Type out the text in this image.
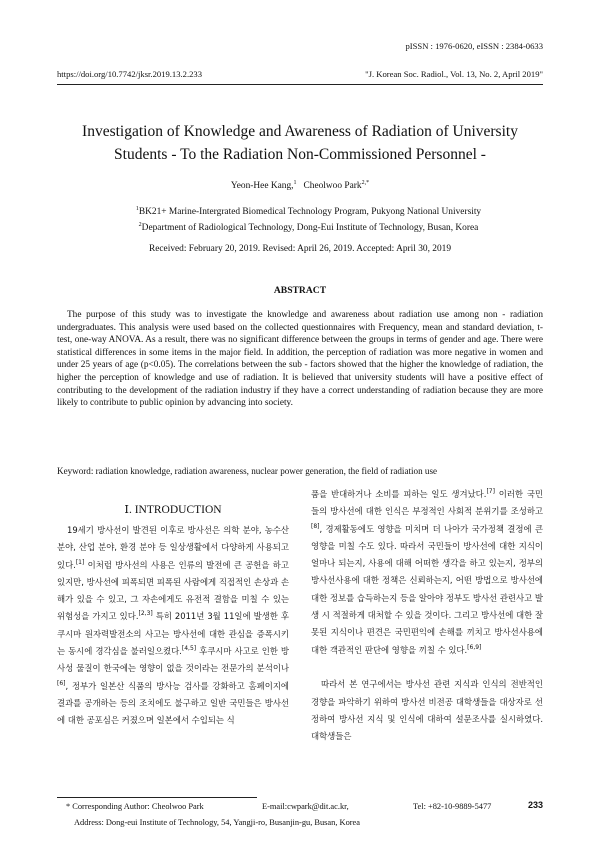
pISSN : 1976-0620, eISSN : 2384-0633
https://doi.org/10.7742/jksr.2019.13.2.233	"J. Korean Soc. Radiol., Vol. 13, No. 2, April 2019"
Investigation of Knowledge and Awareness of Radiation of University
Students - To the Radiation Non-Commissioned Personnel -
Yeon-Hee Kang,$^1$ Cheolwoo Park$^{2,*}$
$^1$BK21+ Marine-Intergrated Biomedical Technology Program, Pukyong National University
$^2$Department of Radiological Technology, Dong-Eui Institute of Technology, Busan, Korea
Received: February 20, 2019. Revised: April 26, 2019. Accepted: April 30, 2019
ABSTRACT

The purpose of this study was to investigate the knowledge and awareness about radiation use among non - radiation undergraduates. This analysis were used based on the collected questionnaires with Frequency, mean and standard deviation, t-test, one-way ANOVA. As a result, there was no significant difference between the groups in terms of gender and age. There were statistical differences in some items in the major field. In addition, the perception of radiation was more negative in women and under 25 years of age (p<0.05). The correlations between the sub - factors showed that the higher the knowledge of radiation, the higher the perception of knowledge and use of radiation. It is believed that university students will have a positive effect of contributing to the development of the radiation industry if they have a correct understanding of radiation because they are more likely to contribute to public opinion by advancing into society.

Keyword: radiation knowledge, radiation awareness, nuclear power generation, the field of radiation use
Ⅰ. INTRODUCTION

19세기 방사선이 발견된 이후로 방사선은 의학 분야, 농수산 분야, 산업 분야, 환경 분야 등 일상생활에서 다양하게 사용되고 있다.[1] 이처럼 방사선의 사용은 인류의 발전에 큰 공헌을 하고 있지만, 방사선에 피폭되면 피폭된 사람에게 직접적인 손상과 손해가 있을 수 있고, 그 자손에게도 유전적 결함을 미칠 수 있는 위험성을 가지고 있다.[2,3] 특히 2011년 3월 11일에 발생한 후쿠시마 원자력발전소의 사고는 방사선에 대한 관심을 증폭시키는 동시에 경각심을 불러일으켰다.[4,5] 후쿠시마 사고로 인한 방사성 물질이 한국에는 영향이 없을 것이라는 전문가의 분석이나[6], 정부가 일본산 식품의 방사능 검사를 강화하고 홈페이지에 결과를 공개하는 등의 조치에도 불구하고 일반 국민들은 방사선에 대한 공포심은 커졌으며 일본에서 수입되는 식

품을 반대하거나 소비를 피하는 일도 생겨났다.[7] 이러한 국민들의 방사선에 대한 인식은 부정적인 사회적 분위기를 조성하고[8], 경제활동에도 영향을 미치며 더 나아가 국가정책 결정에 큰 영향을 미칠 수도 있다. 따라서 국민들이 방사선에 대한 지식이 얼마나 되는지, 사용에 대해 어떠한 생각을 하고 있는지, 정부의 방사선사용에 대한 정책은 신뢰하는지, 어떤 방법으로 방사선에 대한 정보를 습득하는지 등을 알아야 정부도 방사선 관련사고 발생 시 적절하게 대처할 수 있을 것이다. 그리고 방사선에 대한 잘못된 지식이나 편견은 국민편익에 손해를 끼치고 방사선사용에 대한 객관적인 판단에 영향을 끼칠 수 있다.[6,9]

따라서 본 연구에서는 방사선 관련 지식과 인식의 전반적인 경향을 파악하기 위하여 방사선 비전공 대학생들을 대상자로 선정하여 방사선 지식 및 인식에 대하여 설문조사를 실시하였다. 대학생들은

* Corresponding Author: Cheolwoo Park	E-mail:cwpark@dit.ac.kr,	Tel: +82-10-9889-5477	233
Address: Dong-eui Institute of Technology, 54, Yangji-ro, Busanjin-gu, Busan, Korea
